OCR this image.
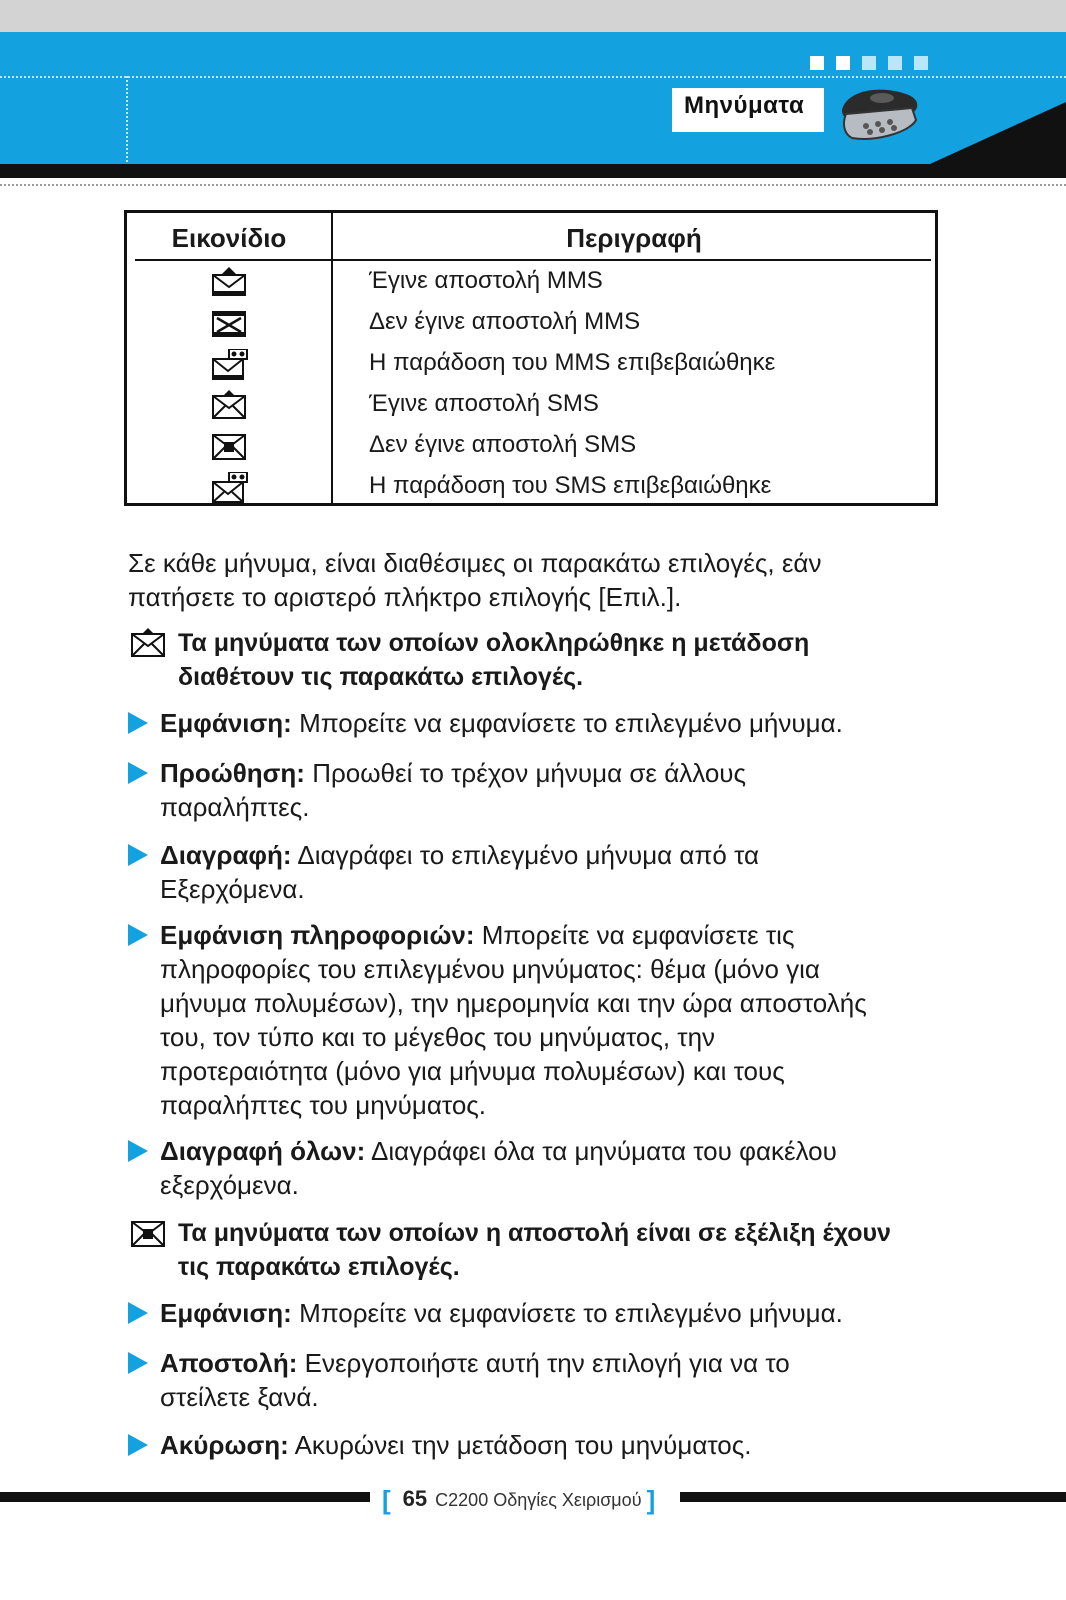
Μηνύματα
Εικονίδιο	Περιγραφή
Έγινε αποστολή MMS
Δεν έγινε αποστολή MMS
Η παράδοση του MMS επιβεβαιώθηκε
Έγινε αποστολή SMS
Δεν έγινε αποστολή SMS
Η παράδοση του SMS επιβεβαιώθηκε
Σε κάθε μήνυμα, είναι διαθέσιμες οι παρακάτω επιλογές, εάν
πατήσετε το αριστερό πλήκτρο επιλογής [Επιλ.].
Τα μηνύματα των οποίων ολοκληρώθηκε η μετάδοση
διαθέτουν τις παρακάτω επιλογές.
Εμφάνιση: Μπορείτε να εμφανίσετε το επιλεγμένο μήνυμα.
Προώθηση: Προωθεί το τρέχον μήνυμα σε άλλους
παραλήπτες.
Διαγραφή: Διαγράφει το επιλεγμένο μήνυμα από τα
Εξερχόμενα.
Εμφάνιση πληροφοριών: Μπορείτε να εμφανίσετε τις
πληροφορίες του επιλεγμένου μηνύματος: θέμα (μόνο για
μήνυμα πολυμέσων), την ημερομηνία και την ώρα αποστολής
του, τον τύπο και το μέγεθος του μηνύματος, την
προτεραιότητα (μόνο για μήνυμα πολυμέσων) και τους
παραλήπτες του μηνύματος.
Διαγραφή όλων: Διαγράφει όλα τα μηνύματα του φακέλου
εξερχόμενα.
Τα μηνύματα των οποίων η αποστολή είναι σε εξέλιξη έχουν
τις παρακάτω επιλογές.
Εμφάνιση: Μπορείτε να εμφανίσετε το επιλεγμένο μήνυμα.
Αποστολή: Ενεργοποιήστε αυτή την επιλογή για να το
στείλετε ξανά.
Ακύρωση: Ακυρώνει την μετάδοση του μηνύματος.
[ 65 C2200 Οδηγίες Χειρισμού ]
